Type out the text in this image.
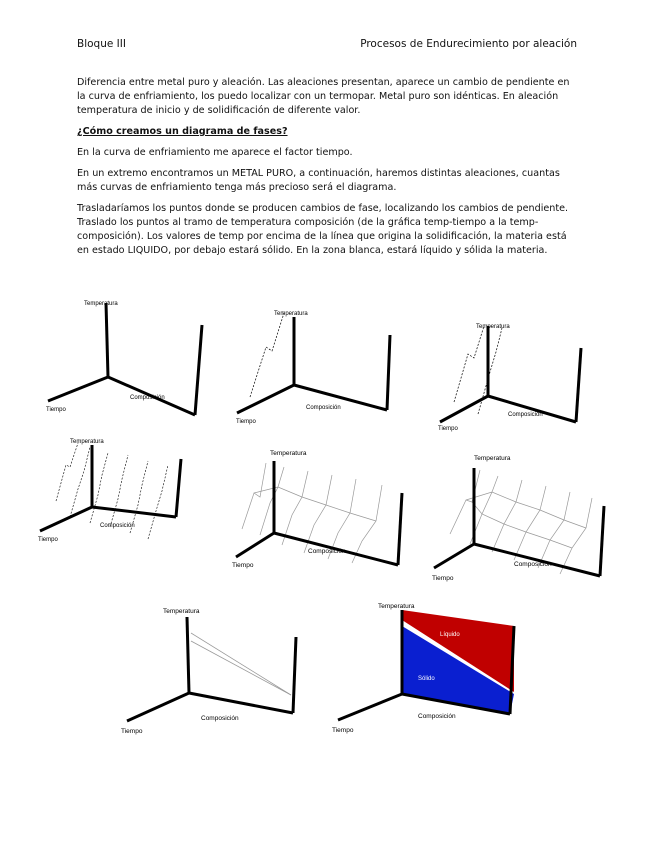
Bloque III	Procesos de Endurecimiento por aleación

Diferencia entre metal puro y aleación. Las aleaciones presentan, aparece un cambio de pendiente en la curva de enfriamiento, los puedo localizar con un termopar. Metal puro son idénticas. En aleación temperatura de inicio y de solidificación de diferente valor.

¿Cómo creamos un diagrama de fases?

En la curva de enfriamiento me aparece el factor tiempo.

En un extremo encontramos un METAL PURO, a continuación, haremos distintas aleaciones, cuantas más curvas de enfriamiento tenga más precioso será el diagrama.

Trasladaríamos los puntos donde se producen cambios de fase, localizando los cambios de pendiente. Traslado los puntos al tramo de temperatura composición (de la gráfica temp-tiempo a la temp-composición). Los valores de temp por encima de la línea que origina la solidificación, la materia está en estado LIQUIDO, por debajo estará sólido. En la zona blanca, estará líquido y sólida la materia.

Temperatura
Composición
Tiempo
Temperatura
Composición
Tiempo
Temperatura
Composición
Tiempo
Temperatura
Composición
Tiempo
Temperatura
Composición
Tiempo
Temperatura
Composición
Tiempo
Temperatura
Composición
Tiempo
Temperatura
Líquido
Sólido
Composición
Tiempo
